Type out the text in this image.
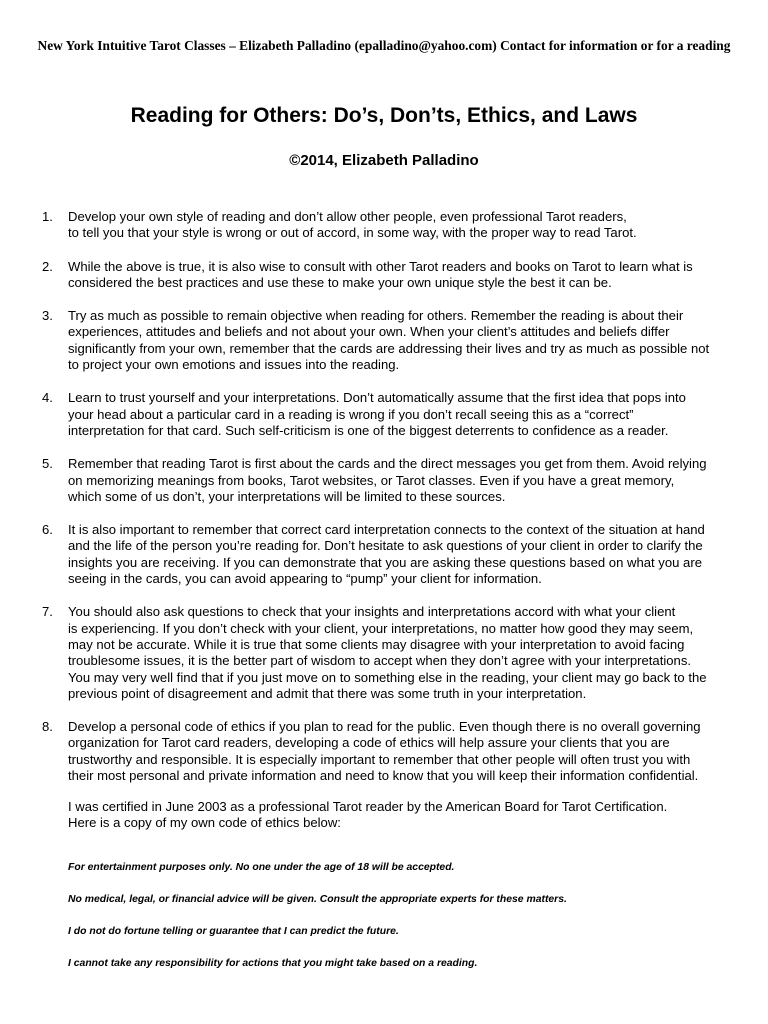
New York Intuitive Tarot Classes – Elizabeth Palladino (epalladino@yahoo.com) Contact for information or for a reading
Reading for Others: Do’s, Don’ts, Ethics, and Laws
©2014, Elizabeth Palladino
1. Develop your own style of reading and don’t allow other people, even professional Tarot readers,
to tell you that your style is wrong or out of accord, in some way, with the proper way to read Tarot.
2. While the above is true, it is also wise to consult with other Tarot readers and books on Tarot to learn what is
considered the best practices and use these to make your own unique style the best it can be.
3. Try as much as possible to remain objective when reading for others. Remember the reading is about their
experiences, attitudes and beliefs and not about your own. When your client’s attitudes and beliefs differ
significantly from your own, remember that the cards are addressing their lives and try as much as possible not
to project your own emotions and issues into the reading.
4. Learn to trust yourself and your interpretations. Don’t automatically assume that the first idea that pops into
your head about a particular card in a reading is wrong if you don’t recall seeing this as a “correct”
interpretation for that card. Such self-criticism is one of the biggest deterrents to confidence as a reader.
5. Remember that reading Tarot is first about the cards and the direct messages you get from them. Avoid relying
on memorizing meanings from books, Tarot websites, or Tarot classes. Even if you have a great memory,
which some of us don’t, your interpretations will be limited to these sources.
6. It is also important to remember that correct card interpretation connects to the context of the situation at hand
and the life of the person you’re reading for. Don’t hesitate to ask questions of your client in order to clarify the
insights you are receiving. If you can demonstrate that you are asking these questions based on what you are
seeing in the cards, you can avoid appearing to “pump” your client for information.
7. You should also ask questions to check that your insights and interpretations accord with what your client
is experiencing. If you don’t check with your client, your interpretations, no matter how good they may seem,
may not be accurate. While it is true that some clients may disagree with your interpretation to avoid facing
troublesome issues, it is the better part of wisdom to accept when they don’t agree with your interpretations.
You may very well find that if you just move on to something else in the reading, your client may go back to the
previous point of disagreement and admit that there was some truth in your interpretation.
8. Develop a personal code of ethics if you plan to read for the public. Even though there is no overall governing
organization for Tarot card readers, developing a code of ethics will help assure your clients that you are
trustworthy and responsible. It is especially important to remember that other people will often trust you with
their most personal and private information and need to know that you will keep their information confidential.
I was certified in June 2003 as a professional Tarot reader by the American Board for Tarot Certification.
Here is a copy of my own code of ethics below:
For entertainment purposes only. No one under the age of 18 will be accepted.
No medical, legal, or financial advice will be given. Consult the appropriate experts for these matters.
I do not do fortune telling or guarantee that I can predict the future.
I cannot take any responsibility for actions that you might take based on a reading.
